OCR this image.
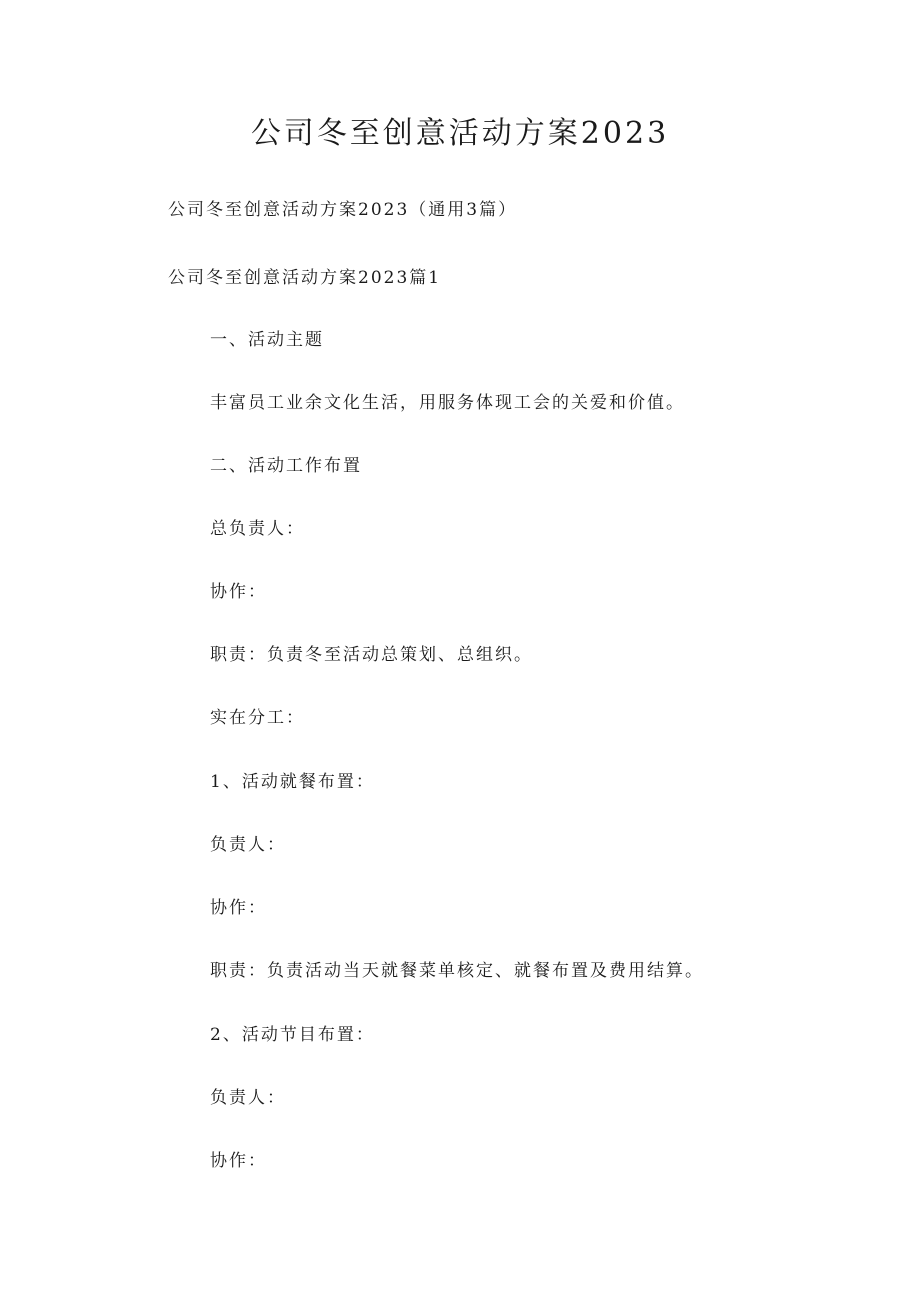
公司冬至创意活动方案2023

公司冬至创意活动方案2023（通用3篇）

公司冬至创意活动方案2023篇1

一、活动主题

丰富员工业余文化生活，用服务体现工会的关爱和价值。

二、活动工作布置

总负责人：

协作：

职责：负责冬至活动总策划、总组织。

实在分工：

1、活动就餐布置：

负责人：

协作：

职责：负责活动当天就餐菜单核定、就餐布置及费用结算。

2、活动节目布置：

负责人：

协作：
